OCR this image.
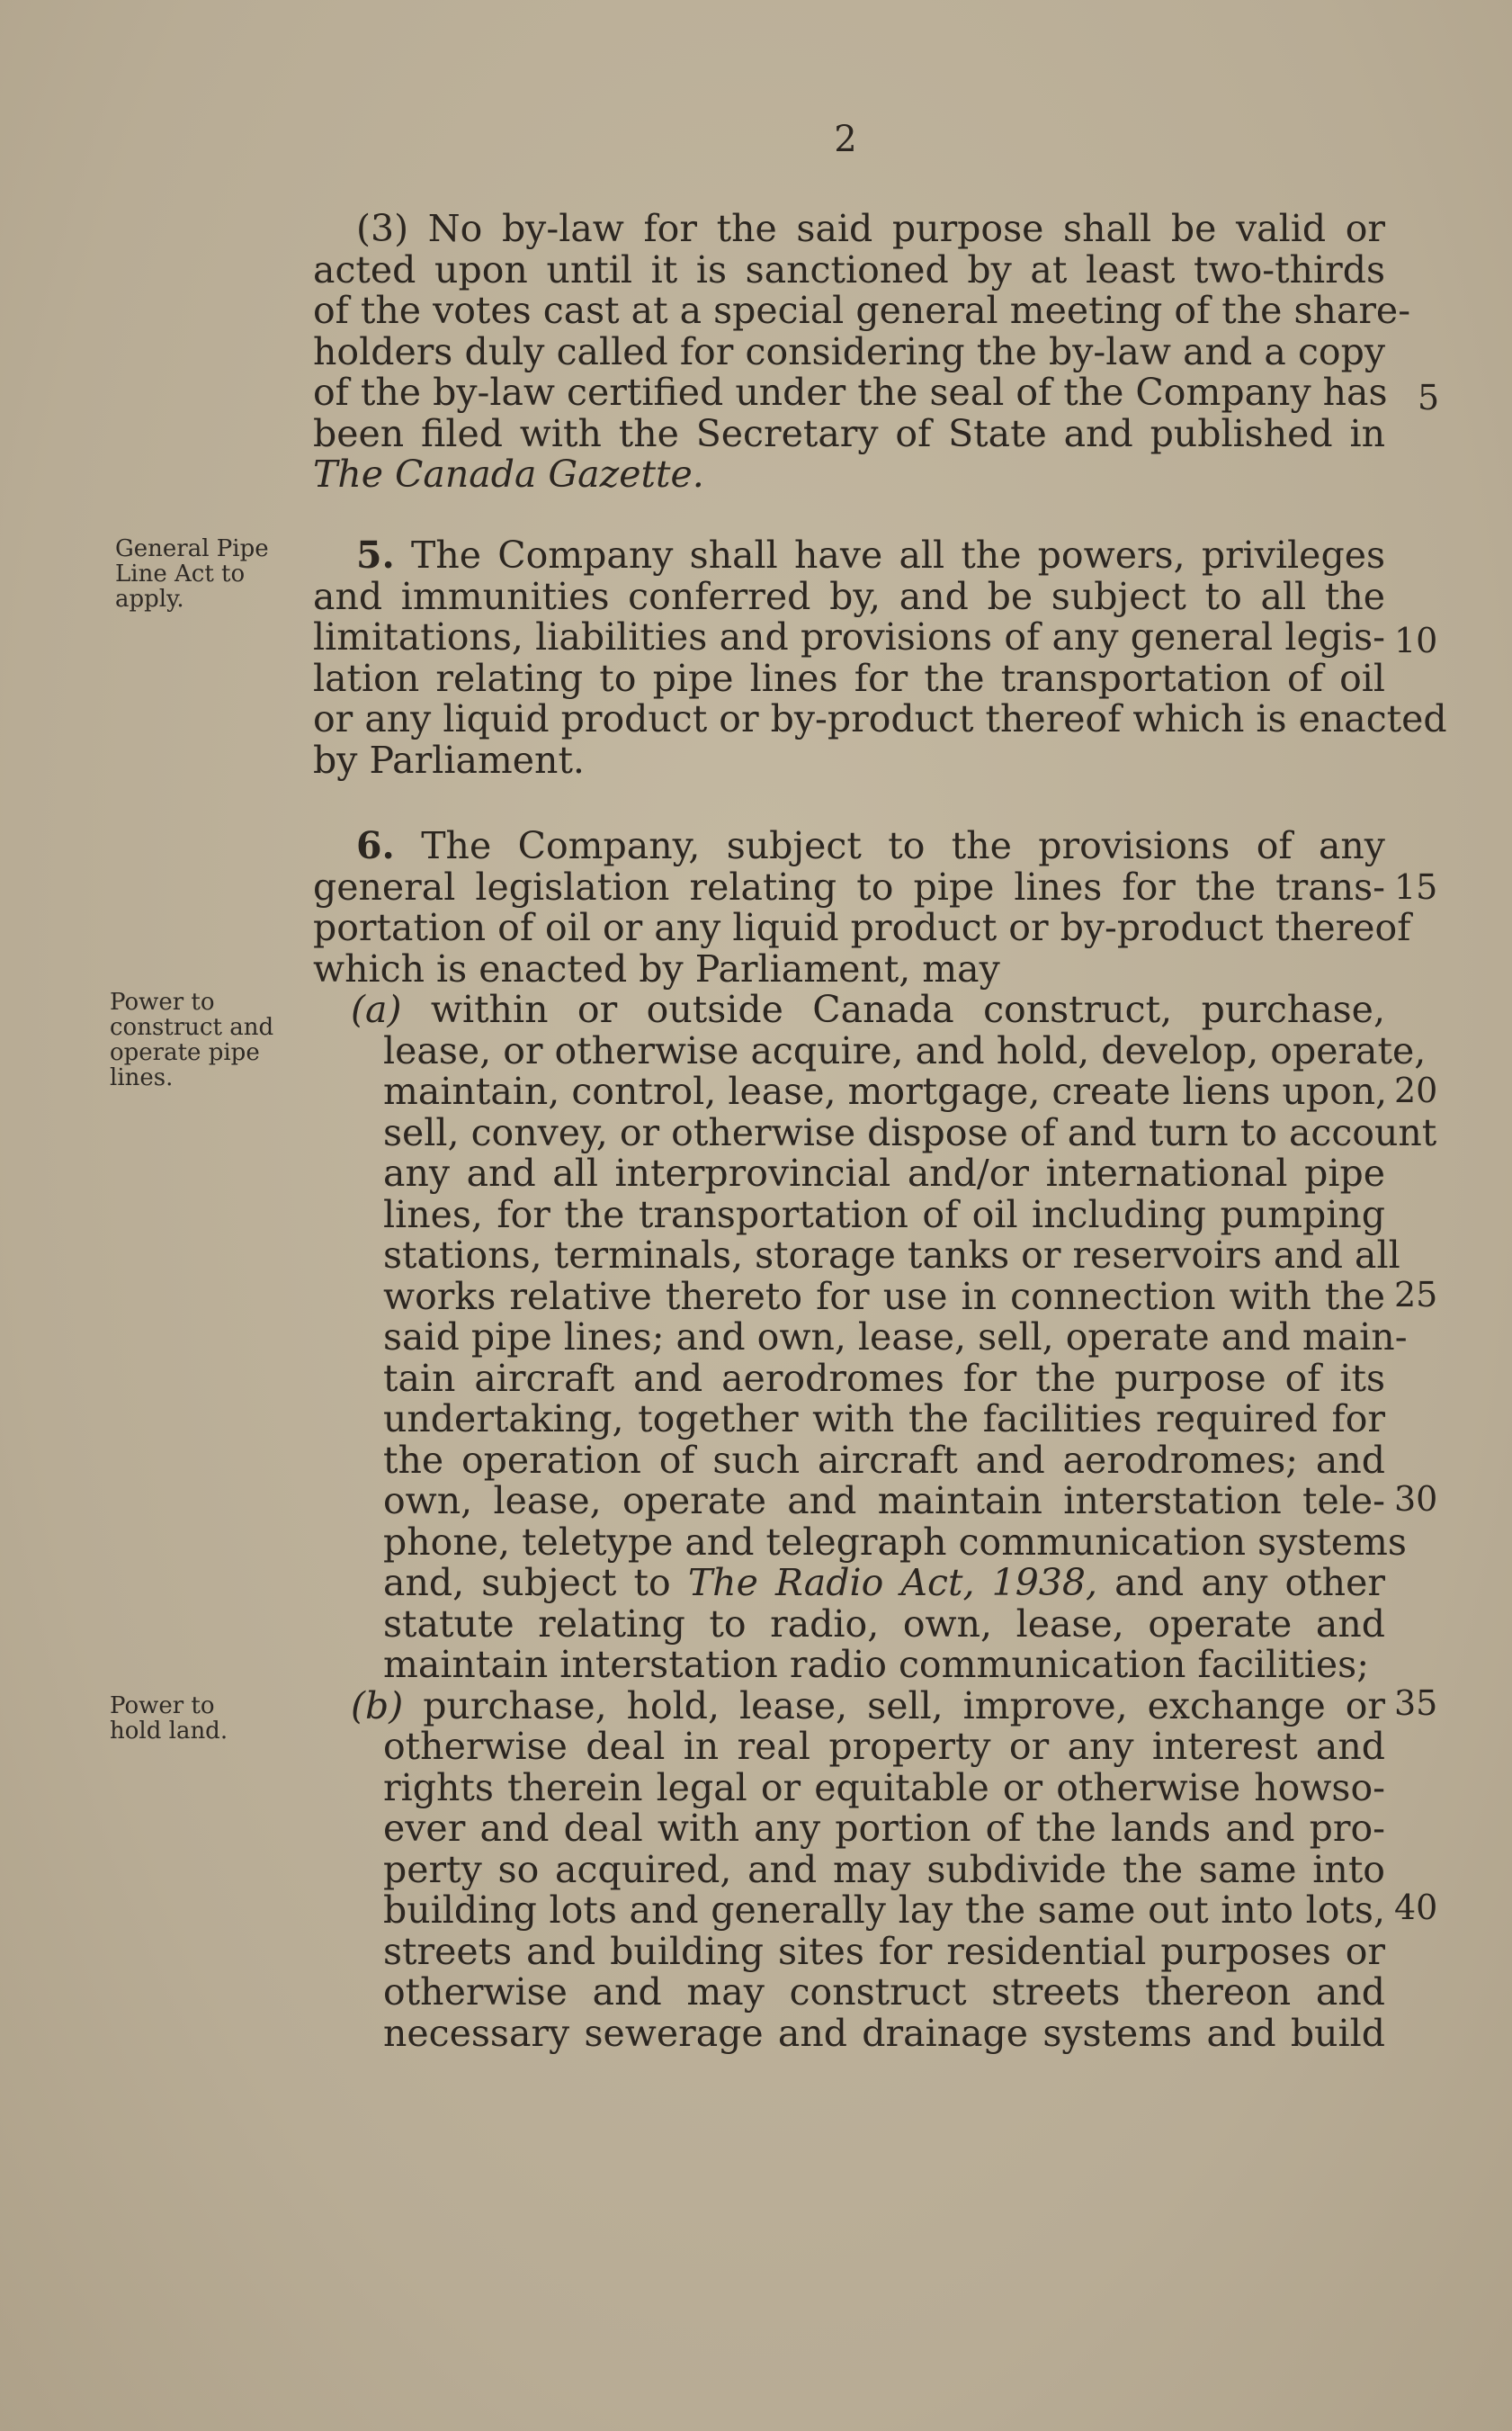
2
(3) No by-law for the said purpose shall be valid or
acted upon until it is sanctioned by at least two-thirds
of the votes cast at a special general meeting of the share-
holders duly called for considering the by-law and a copy
of the by-law certified under the seal of the Company has
been filed with the Secretary of State and published in
The Canada Gazette.
5. The Company shall have all the powers, privileges
and immunities conferred by, and be subject to all the
limitations, liabilities and provisions of any general legis-
lation relating to pipe lines for the transportation of oil
or any liquid product or by-product thereof which is enacted
by Parliament.
6. The Company, subject to the provisions of any
general legislation relating to pipe lines for the trans-
portation of oil or any liquid product or by-product thereof
which is enacted by Parliament, may
(a) within or outside Canada construct, purchase,
lease, or otherwise acquire, and hold, develop, operate,
maintain, control, lease, mortgage, create liens upon,
sell, convey, or otherwise dispose of and turn to account
any and all interprovincial and/or international pipe
lines, for the transportation of oil including pumping
stations, terminals, storage tanks or reservoirs and all
works relative thereto for use in connection with the
said pipe lines; and own, lease, sell, operate and main-
tain aircraft and aerodromes for the purpose of its
undertaking, together with the facilities required for
the operation of such aircraft and aerodromes; and
own, lease, operate and maintain interstation tele-
phone, teletype and telegraph communication systems
and, subject to The Radio Act, 1938, and any other
statute relating to radio, own, lease, operate and
maintain interstation radio communication facilities;
(b) purchase, hold, lease, sell, improve, exchange or
otherwise deal in real property or any interest and
rights therein legal or equitable or otherwise howso-
ever and deal with any portion of the lands and pro-
perty so acquired, and may subdivide the same into
building lots and generally lay the same out into lots,
streets and building sites for residential purposes or
otherwise and may construct streets thereon and
necessary sewerage and drainage systems and build
General Pipe
Line Act to
apply.
Power to
construct and
operate pipe
lines.
Power to
hold land.
5
10
15
20
25
30
35
40
